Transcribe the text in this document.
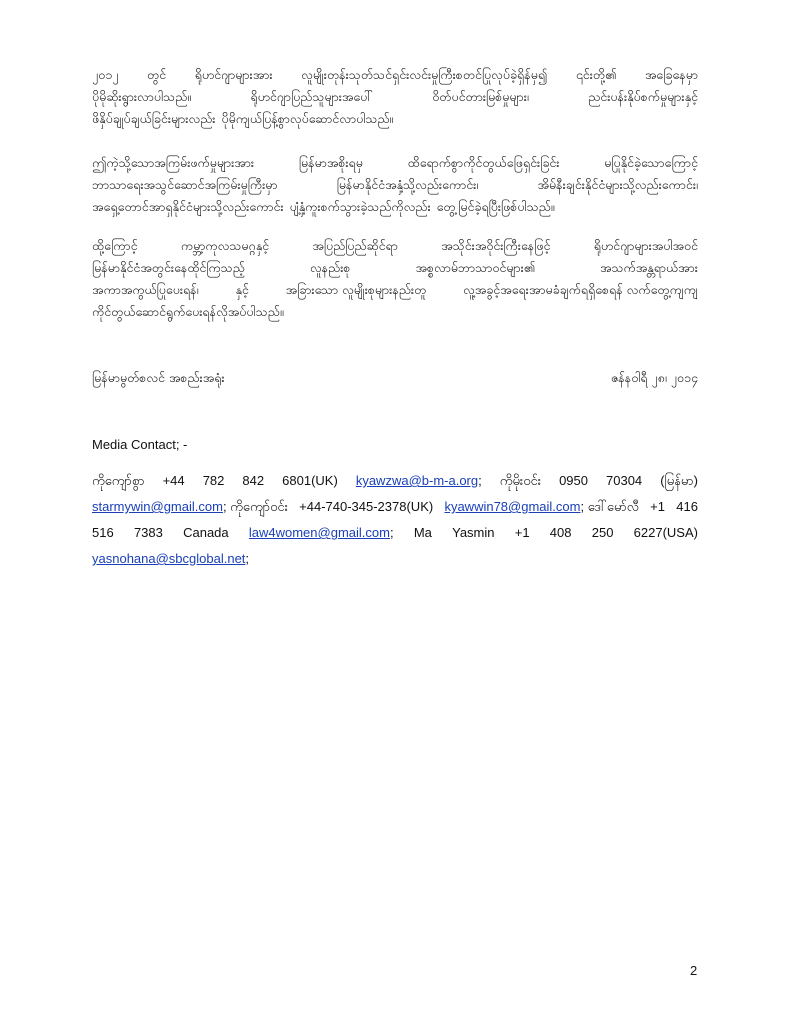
၂၀၁၂ တွင် ရိုဟင်ဂျာများအား လူမျိုးတုန်းသုတ်သင်ရှင်းလင်းမှုကြီးစတင်ပြုလုပ်ခဲ့ရှိန်မှ၍ ၎င်းတို့၏ အခြေနေမှာ
ပိုမိုဆိုးရွားလာပါသည်။	ရိုဟင်ဂျာပြည်သူများအပေါ်	ဝိတ်ပင်တားမြစ်မှုများ၊	ညင်းပန်းနိုပ်စက်မှုများနှင့်
ဖိနှိပ်ချုပ်ချယ်ခြင်းများလည်း ပိုမိုကျယ်ပြန့်စွာလုပ်ဆောင်လာပါသည်။
ဤကဲ့သို့သောအကြမ်းဖက်မှုများအား	မြန်မာအစိုးရမှ	ထိရောက်စွာကိုင်တွယ်ဖြေရှင်းခြင်း	မပြုနိုင်ခဲ့သောကြောင့်
ဘာသာရေးအသွင်ဆောင်အကြမ်းမှုကြီးမှာ	မြန်မာနိုင်ငံအနှံ့သို့လည်းကောင်း၊	အိမ်နီးချင်းနိုင်ငံများသို့လည်းကောင်း၊
အရှေ့တောင်အာရှနိုင်ငံများသို့လည်းကောင်း ပျံ့နှံ့ကူးစက်သွားခဲ့သည်ကိုလည်း တွေ့မြင်ခဲ့ရပြီးဖြစ်ပါသည်။
ထို့ကြောင့်	ကမ္ဘာ့ကုလသမဂ္ဂနှင့်	အပြည်ပြည်ဆိုင်ရာ	အသိုင်းအဝိုင်းကြီးနေဖြင့်	ရိုဟင်ဂျာများအပါအဝင်
မြန်မာနိုင်ငံအတွင်းနေထိုင်ကြသည့်	လူနည်းစု	အစ္စလာမ်ဘာသာဝင်များ၏	အသက်အန္တရာယ်အား
အကာအကွယ်ပြုပေးရန်၊	နှင့်	အခြားသော လူမျိုးစုများနည်းတူ	လူ့အခွင့်အရေးအာမခံချက်ရရှိစေရန် လက်တွေ့ကျကျ
ကိုင်တွယ်ဆောင်ရွက်ပေးရန်လိုအပ်ပါသည်။
မြန်မာမွတ်စလင် အစည်းအရုံး	ဇန်နဝါရီ ၂၈၊ ၂၀၁၄
Media Contact; -
ကိုကျော်စွာ +44 782 842 6801(UK) kyawzwa@b-m-a.org; ကိုမိုးဝင်း 0950 70304 (မြန်မာ)
starmywin@gmail.com; ကိုကျော်ဝင်း +44-740-345-2378(UK) kyawwin78@gmail.com; ဒေါ်မော်လီ +1 416
516 7383 Canada law4women@gmail.com; Ma Yasmin +1 408 250 6227(USA)
yasnohana@sbcglobal.net ;
2
